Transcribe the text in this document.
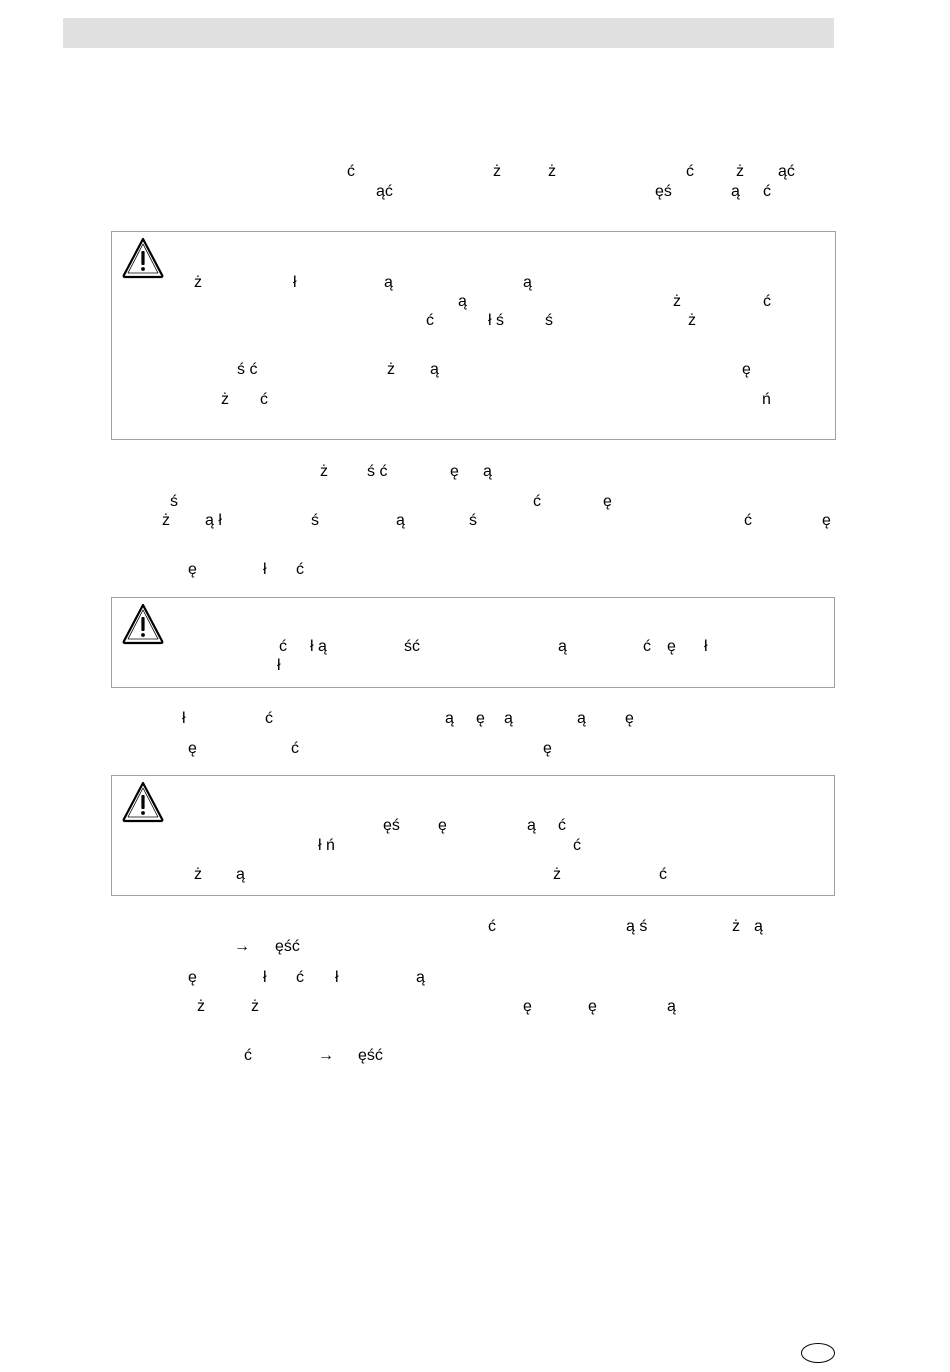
ć	ż	ż	ć	ż ąć
ąć	ęś	ą ć
ż	ł	ą	ą
ą	ż	ć
ć	ł ś	ś	ż
ś ć	ż ą	ę
ż ć	ń
ż ś ć	ę ą
ś	ć	ę
ż ą ł	ś	ą	ś	ć	ę
ę	ł ć
ć ł ą	ść	ą	ć ę ł
ł
ł	ć	ą ę ą	ą ę
ę	ć	ę
ęś ę	ą ć
ł ń	ć
ż ą	ż	ć
ć	ą ś	ż ą
→ ęść
ę	ł ć ł	ą
ż	ż	ę	ę	ą
ć	→ ęść
